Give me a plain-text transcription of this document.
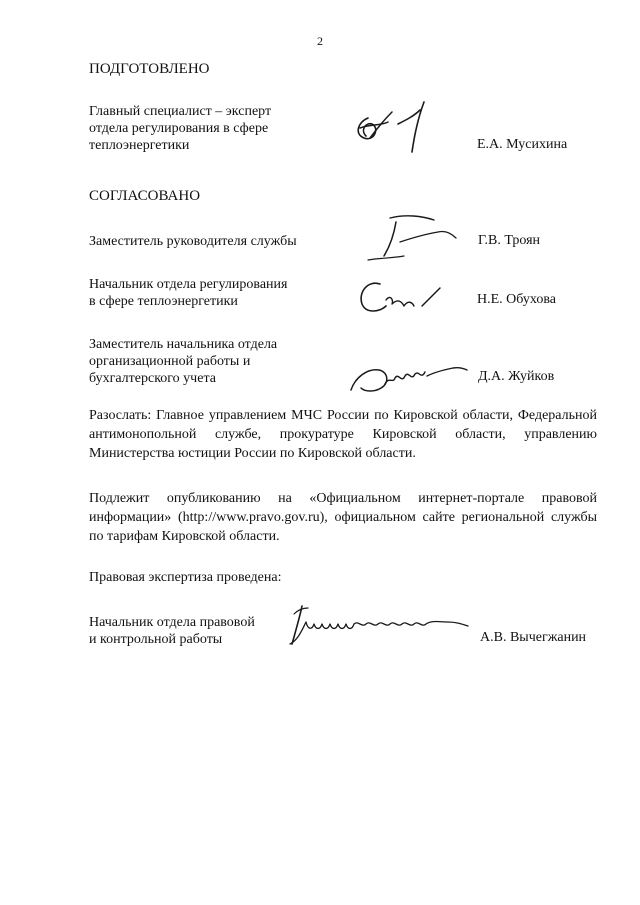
2
ПОДГОТОВЛЕНО
Главный специалист – эксперт
отдела регулирования в сфере
теплоэнергетики	Е.А. Мусихина
СОГЛАСОВАНО
Заместитель руководителя службы	Г.В. Троян
Начальник отдела регулирования
в сфере теплоэнергетики	Н.Е. Обухова
Заместитель начальника отдела
организационной работы и
бухгалтерского учета	Д.А. Жуйков
Разослать: Главное управлением МЧС России по Кировской области, Федеральной антимонопольной службе, прокуратуре Кировской области, управлению Министерства юстиции России по Кировской области.
Подлежит опубликованию на «Официальном интернет-портале правовой информации» (http://www.pravo.gov.ru), официальном сайте региональной службы по тарифам Кировской области.
Правовая экспертиза проведена:
Начальник отдела правовой
и контрольной работы	А.В. Вычегжанин
